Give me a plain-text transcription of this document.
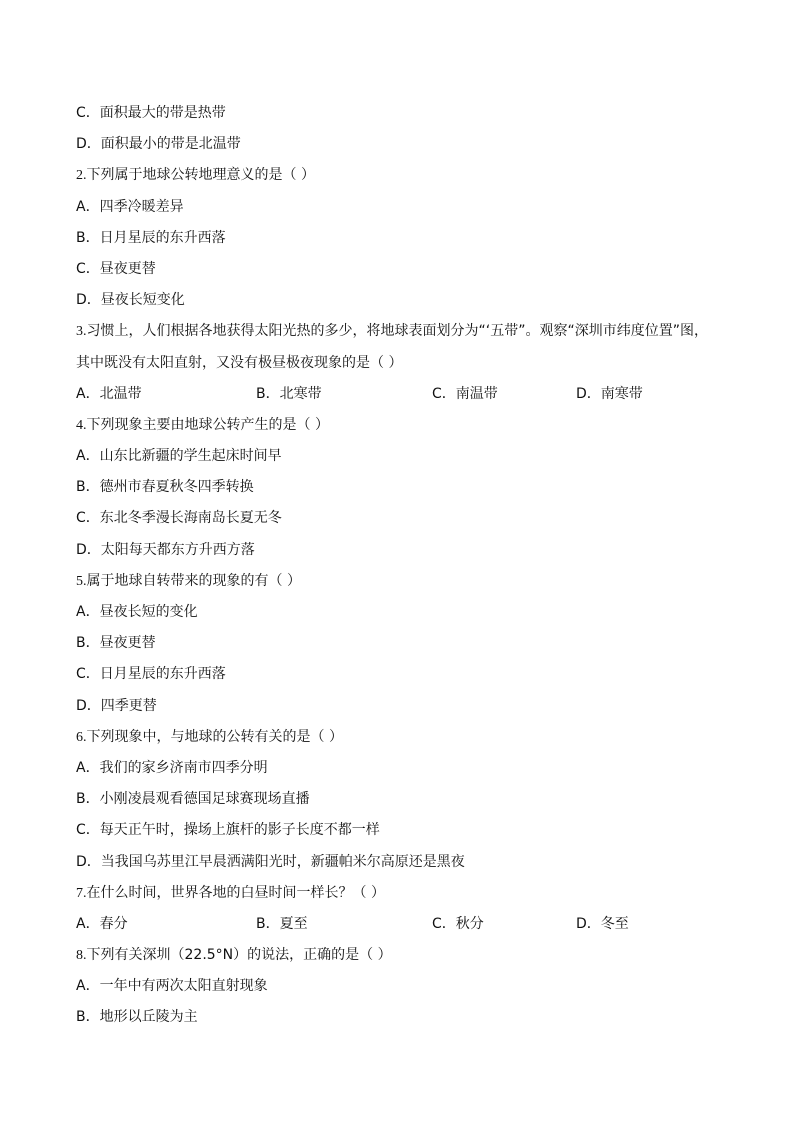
C．面积最大的带是热带
D．面积最小的带是北温带
2.下列属于地球公转地理意义的是（ ）
A．四季冷暖差异
B．日月星辰的东升西落
C．昼夜更替
D．昼夜长短变化
3.习惯上，人们根据各地获得太阳光热的多少，将地球表面划分为“‘五带”。观察“深圳市纬度位置”图，
其中既没有太阳直射，又没有极昼极夜现象的是（ ）
A．北温带	B．北寒带	C．南温带	D．南寒带
4.下列现象主要由地球公转产生的是（ ）
A．山东比新疆的学生起床时间早
B．德州市春夏秋冬四季转换
C．东北冬季漫长海南岛长夏无冬
D．太阳每天都东方升西方落
5.属于地球自转带来的现象的有（ ）
A．昼夜长短的变化
B．昼夜更替
C．日月星辰的东升西落
D．四季更替
6.下列现象中，与地球的公转有关的是（ ）
A．我们的家乡济南市四季分明
B．小刚凌晨观看德国足球赛现场直播
C．每天正午时，操场上旗杆的影子长度不都一样
D．当我国乌苏里江早晨洒满阳光时，新疆帕米尔高原还是黑夜
7.在什么时间，世界各地的白昼时间一样长？（ ）
A．春分	B．夏至	C．秋分	D．冬至
8.下列有关深圳（22.5°N）的说法，正确的是（ ）
A．一年中有两次太阳直射现象
B．地形以丘陵为主
